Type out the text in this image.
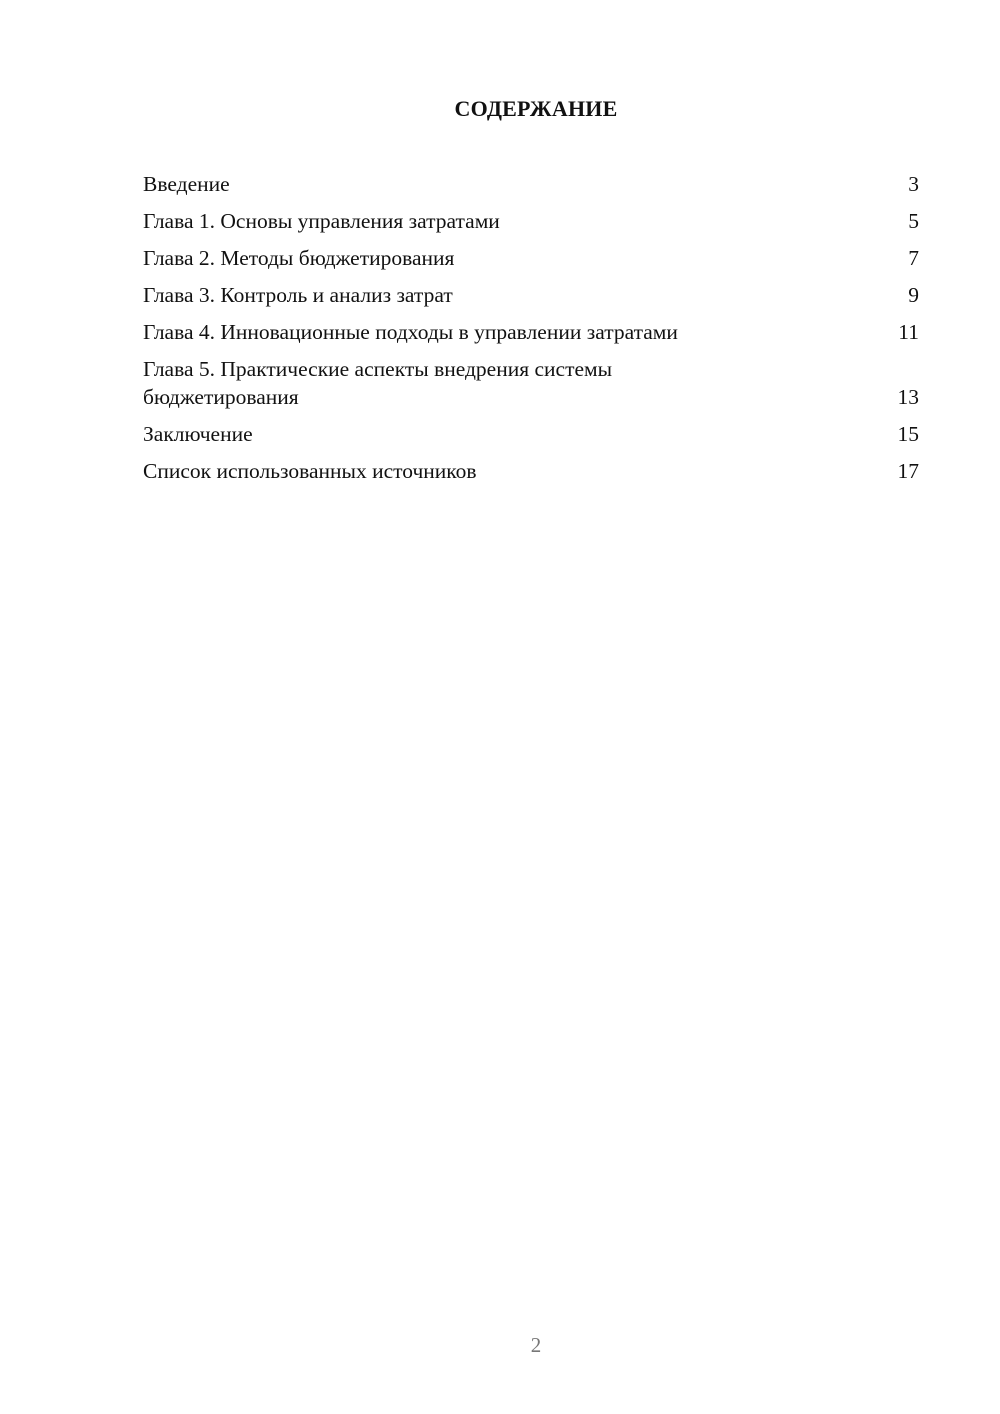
СОДЕРЖАНИЕ
Введение	3
Глава 1. Основы управления затратами	5
Глава 2. Методы бюджетирования	7
Глава 3. Контроль и анализ затрат	9
Глава 4. Инновационные подходы в управлении затратами	11
Глава 5. Практические аспекты внедрения системы бюджетирования	13
Заключение	15
Список использованных источников	17
2
